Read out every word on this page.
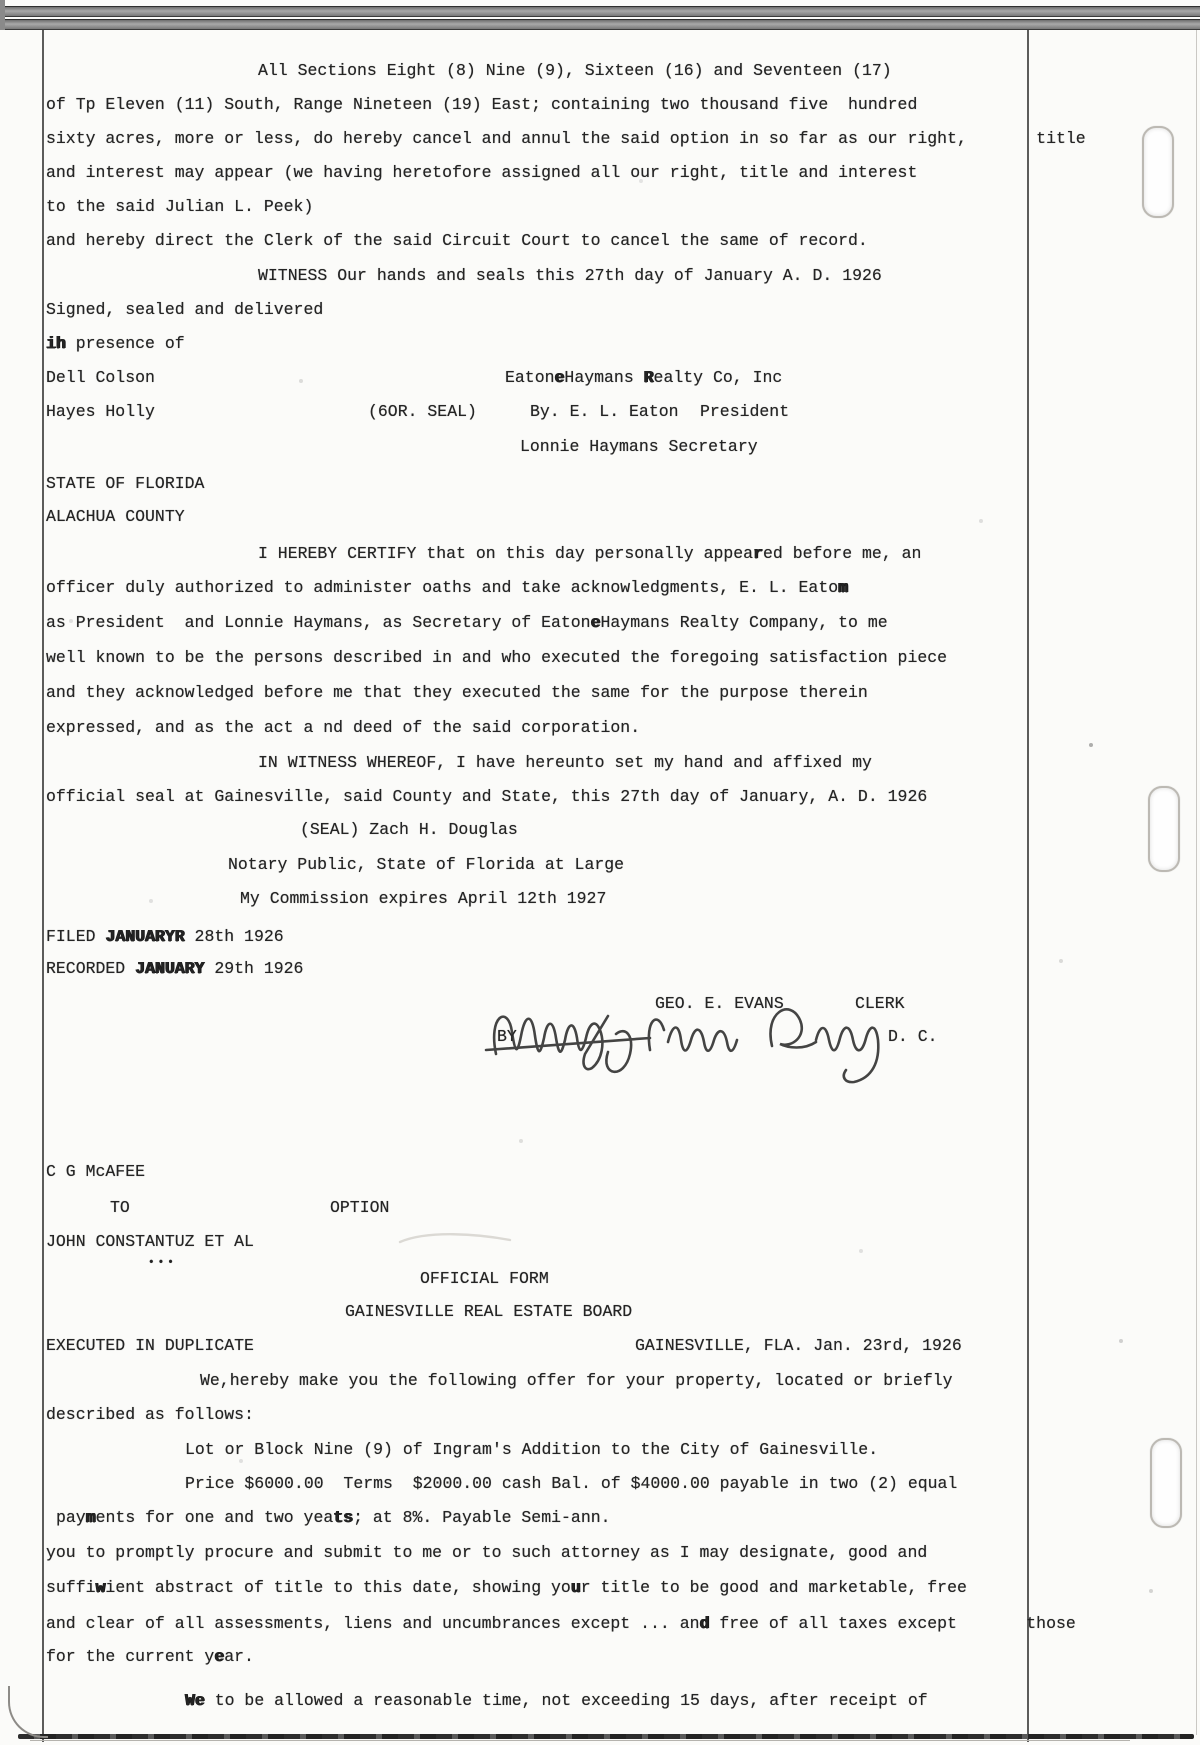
All Sections Eight (8) Nine (9), Sixteen (16) and Seventeen (17)
of Tp Eleven (11) South, Range Nineteen (19) East; containing two thousand five  hundred
sixty acres, more or less, do hereby cancel and annul the said option in so far as our right,       title
and interest may appear (we having heretofore assigned all our right, title and interest
to the said Julian L. Peek)
and hereby direct the Clerk of the said Circuit Court to cancel the same of record.
WITNESS Our hands and seals this 27th day of January A. D. 1926
Signed, sealed and delivered
ih presence of
Dell Colson	EatoneHaymans Realty Co, Inc
Hayes Holly	(6OR. SEAL)	By. E. L. Eaton President
Lonnie Haymans Secretary
STATE OF FLORIDA
ALACHUA COUNTY
I HEREBY CERTIFY that on this day personally appeared before me, an
officer duly authorized to administer oaths and take acknowledgments, E. L. Eatom
as President  and Lonnie Haymans, as Secretary of EatoneHaymans Realty Company, to me
well known to be the persons described in and who executed the foregoing satisfaction piece
and they acknowledged before me that they executed the same for the purpose therein
expressed, and as the act a nd deed of the said corporation.
IN WITNESS WHEREOF, I have hereunto set my hand and affixed my
official seal at Gainesville, said County and State, this 27th day of January, A. D. 1926
(SEAL) Zach H. Douglas
Notary Public, State of Florida at Large
My Commission expires April 12th 1927
FILED JANUARYR 28th 1926
RECORDED JANUARY 29th 1926
GEO. E. EVANS	CLERK
BY	D. C.
C G McAFEE
TO	OPTION
JOHN CONSTANTUZ ET AL
•••
OFFICIAL FORM
GAINESVILLE REAL ESTATE BOARD
EXECUTED IN DUPLICATE	GAINESVILLE, FLA. Jan. 23rd, 1926
We,hereby make you the following offer for your property, located or briefly
described as follows:
Lot or Block Nine (9) of Ingram's Addition to the City of Gainesville.
Price $6000.00  Terms  $2000.00 cash Bal. of $4000.00 payable in two (2) equal
payments for one and two yeats; at 8%. Payable Semi-ann.
you to promptly procure and submit to me or to such attorney as I may designate, good and
suffiwient abstract of title to this date, showing your title to be good and marketable, free
and clear of all assessments, liens and uncumbrances except ... and free of all taxes except       those
for the current year.
We to be allowed a reasonable time, not exceeding 15 days, after receipt of
